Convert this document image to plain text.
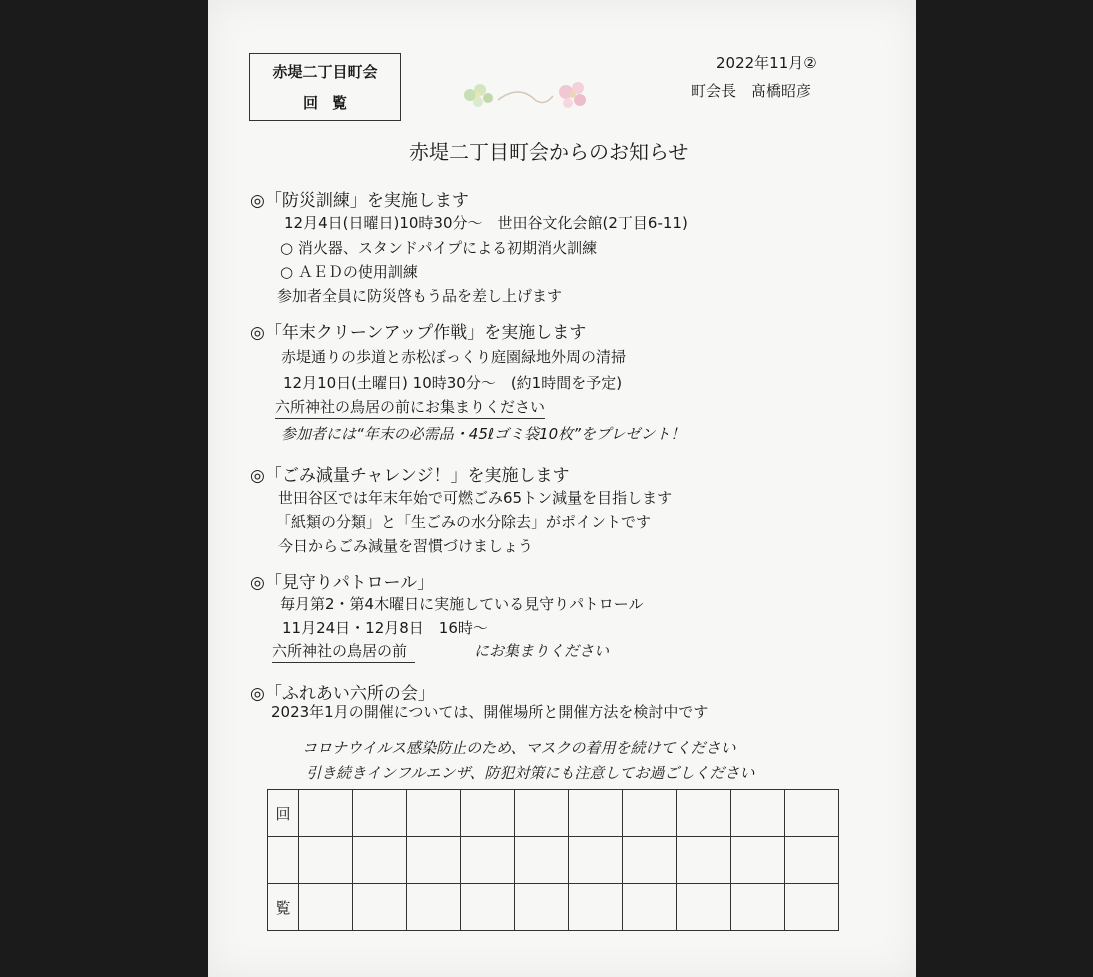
赤堤二丁目町会
回覧
2022年11月②
町会長　髙橋昭彦
赤堤二丁目町会からのお知らせ
◎「防災訓練」を実施します
12月4日(日曜日)10時30分～　世田谷文化会館(2丁目6-11)
○ 消火器、スタンドパイプによる初期消火訓練
○ ＡＥＤの使用訓練
参加者全員に防災啓もう品を差し上げます
◎「年末クリーンアップ作戦」を実施します
赤堤通りの歩道と赤松ぼっくり庭園緑地外周の清掃
12月10日(土曜日) 10時30分～　(約1時間を予定)
六所神社の鳥居の前にお集まりください
参加者には“年末の必需品・45ℓゴミ袋10枚”をプレゼント！
◎「ごみ減量チャレンジ！」を実施します
世田谷区では年末年始で可燃ごみ65トン減量を目指します
「紙類の分類」と「生ごみの水分除去」がポイントです
今日からごみ減量を習慣づけましょう
◎「見守りパトロール」
毎月第2・第4木曜日に実施している見守りパトロール
11月24日・12月8日　16時～
六所神社の鳥居の前	にお集まりください
◎「ふれあい六所の会」
2023年1月の開催については、開催場所と開催方法を検討中です
コロナウイルス感染防止のため、マスクの着用を続けてください
引き続きインフルエンザ、防犯対策にも注意してお過ごしください
回										

覧										
